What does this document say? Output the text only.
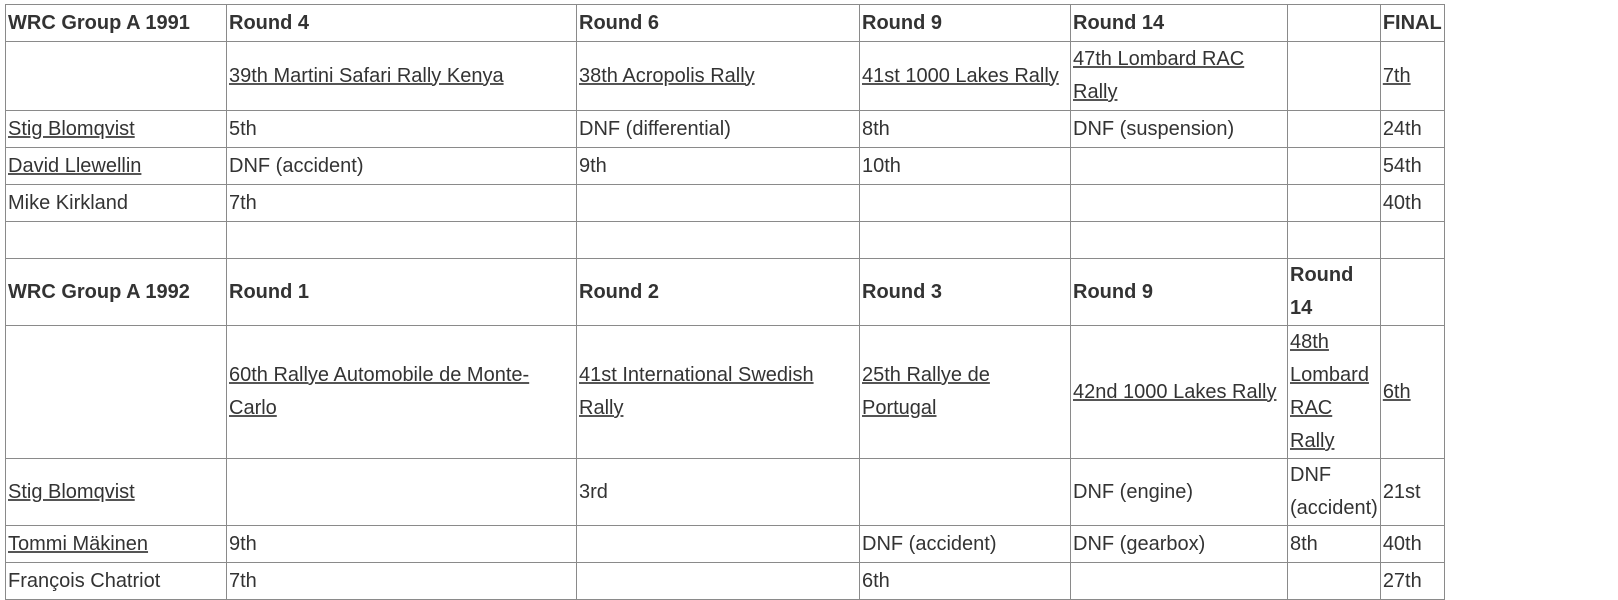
WRC Group A 1991	Round 4	Round 6	Round 9	Round 14		FINAL
	39th Martini Safari Rally Kenya	38th Acropolis Rally	41st 1000 Lakes Rally	47th Lombard RAC Rally		7th
Stig Blomqvist	5th	DNF (differential)	8th	DNF (suspension)		24th
David Llewellin	DNF (accident)	9th	10th			54th
Mike Kirkland	7th					40th

WRC Group A 1992	Round 1	Round 2	Round 3	Round 9	Round 14	
	60th Rallye Automobile de Monte-Carlo	41st International Swedish Rally	25th Rallye de Portugal	42nd 1000 Lakes Rally	48th Lombard RAC Rally	6th
Stig Blomqvist		3rd		DNF (engine)	DNF (accident)	21st
Tommi Mäkinen	9th		DNF (accident)	DNF (gearbox)	8th	40th
François Chatriot	7th		6th			27th
